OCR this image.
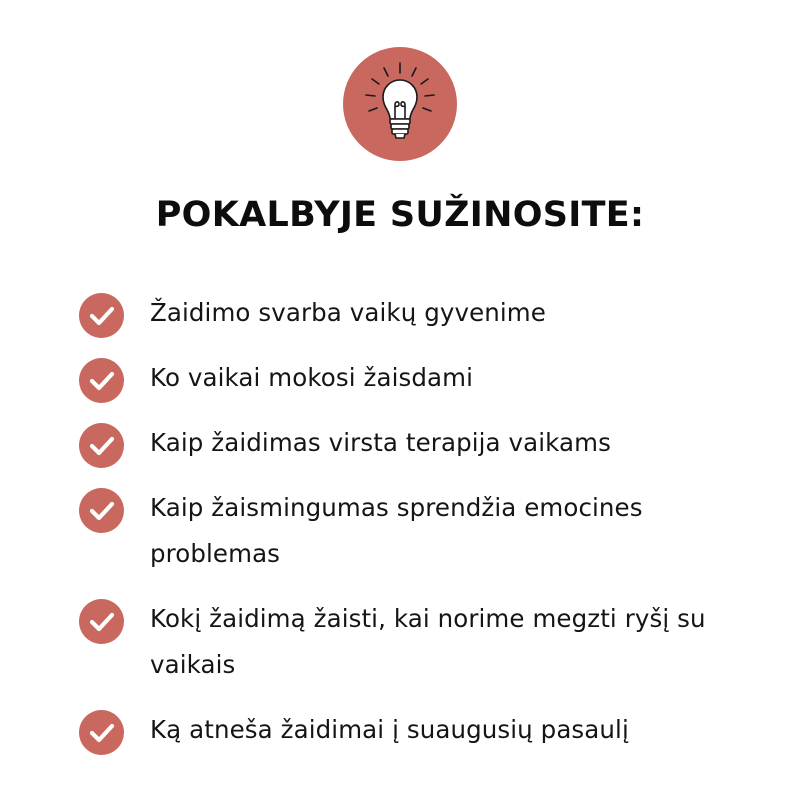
POKALBYJE SUŽINOSITE:
Žaidimo svarba vaikų gyvenime
Ko vaikai mokosi žaisdami
Kaip žaidimas virsta terapija vaikams
Kaip žaismingumas sprendžia emocines problemas
Kokį žaidimą žaisti, kai norime megzti ryšį su vaikais
Ką atneša žaidimai į suaugusių pasaulį
